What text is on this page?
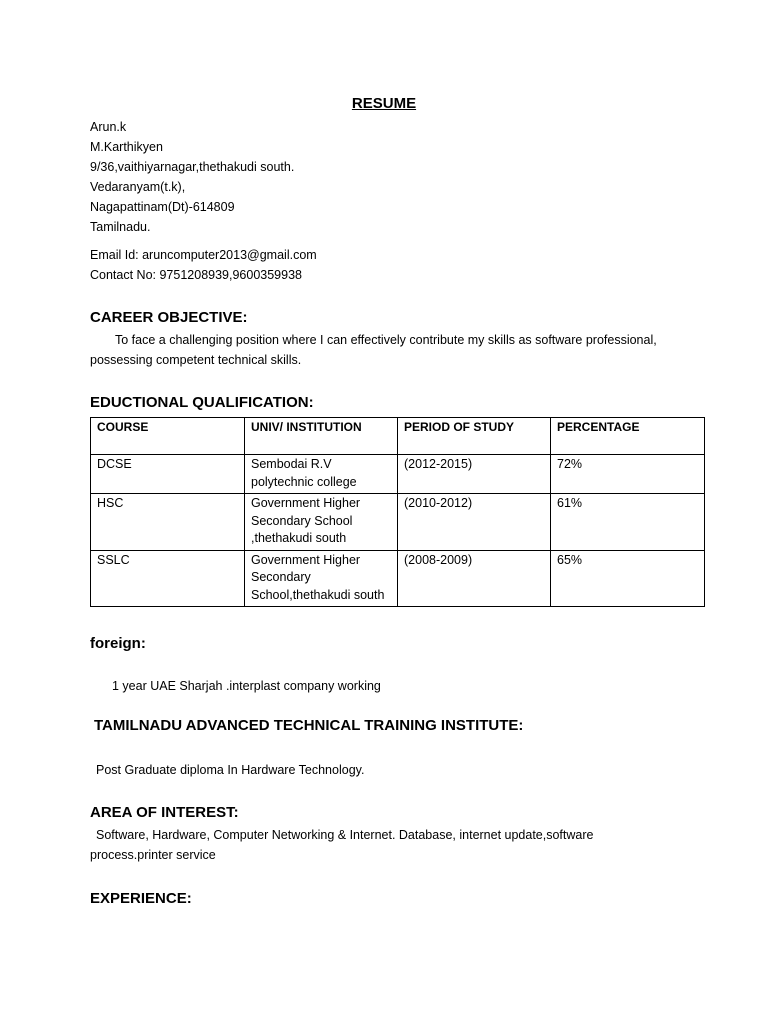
RESUME
Arun.k
M.Karthikyen
9/36,vaithiyarnagar,thethakudi south.
Vedaranyam(t.k),
Nagapattinam(Dt)-614809
Tamilnadu.
Email Id: aruncomputer2013@gmail.com
Contact No: 9751208939,9600359938
CAREER OBJECTIVE:
To face a challenging position where I can effectively contribute my skills as software professional, possessing competent technical skills.
EDUCTIONAL QUALIFICATION:
COURSE	UNIV/ INSTITUTION	PERIOD OF STUDY	PERCENTAGE
DCSE	Sembodai R.V polytechnic college	(2012-2015)	72%
HSC	Government Higher Secondary School ,thethakudi south	(2010-2012)	61%
SSLC	Government Higher Secondary School,thethakudi south	(2008-2009)	65%
foreign:
1 year UAE Sharjah .interplast company working
TAMILNADU ADVANCED TECHNICAL TRAINING INSTITUTE:
Post Graduate diploma In Hardware Technology.
AREA OF INTEREST:
Software, Hardware, Computer Networking & Internet. Database, internet update,software process.printer service
EXPERIENCE:
